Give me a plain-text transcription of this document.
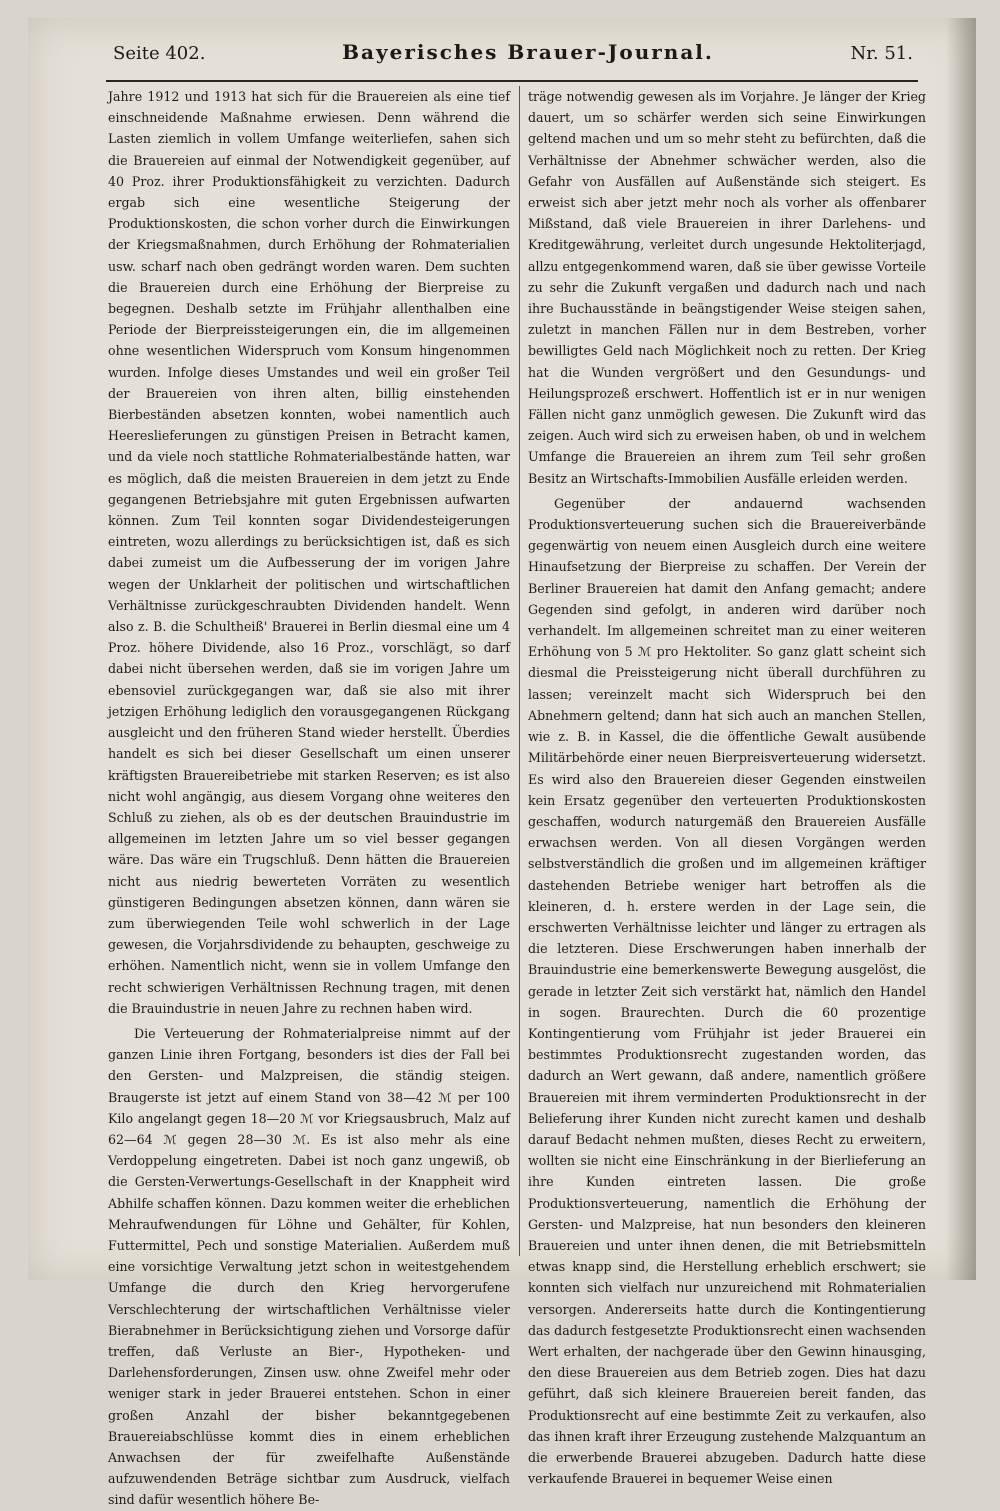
Seite 402.	Bayerisches Brauer-Journal.	Nr. 51.

Jahre 1912 und 1913 hat sich für die Brauereien als eine tief einschneidende Maßnahme erwiesen. Denn während die Lasten ziemlich in vollem Umfange weiterliefen, sahen sich die Brauereien auf einmal der Notwendigkeit gegenüber, auf 40 Proz. ihrer Produktionsfähigkeit zu verzichten. Dadurch ergab sich eine wesentliche Steigerung der Produktionskosten, die schon vorher durch die Einwirkungen der Kriegsmaßnahmen, durch Erhöhung der Rohmaterialien usw. scharf nach oben gedrängt worden waren. Dem suchten die Brauereien durch eine Erhöhung der Bierpreise zu begegnen. Deshalb setzte im Frühjahr allenthalben eine Periode der Bierpreissteigerungen ein, die im allgemeinen ohne wesentlichen Widerspruch vom Konsum hingenommen wurden. Infolge dieses Umstandes und weil ein großer Teil der Brauereien von ihren alten, billig einstehenden Bierbeständen absetzen konnten, wobei namentlich auch Heereslieferungen zu günstigen Preisen in Betracht kamen, und da viele noch stattliche Rohmaterialbestände hatten, war es möglich, daß die meisten Brauereien in dem jetzt zu Ende gegangenen Betriebsjahre mit guten Ergebnissen aufwarten können. Zum Teil konnten sogar Dividendesteigerungen eintreten, wozu allerdings zu berücksichtigen ist, daß es sich dabei zumeist um die Aufbesserung der im vorigen Jahre wegen der Unklarheit der politischen und wirtschaftlichen Verhältnisse zurückgeschraubten Dividenden handelt. Wenn also z. B. die Schultheiß' Brauerei in Berlin diesmal eine um 4 Proz. höhere Dividende, also 16 Proz., vorschlägt, so darf dabei nicht übersehen werden, daß sie im vorigen Jahre um ebensoviel zurückgegangen war, daß sie also mit ihrer jetzigen Erhöhung lediglich den vorausgegangenen Rückgang ausgleicht und den früheren Stand wieder herstellt. Überdies handelt es sich bei dieser Gesellschaft um einen unserer kräftigsten Brauereibetriebe mit starken Reserven; es ist also nicht wohl angängig, aus diesem Vorgang ohne weiteres den Schluß zu ziehen, als ob es der deutschen Brauindustrie im allgemeinen im letzten Jahre um so viel besser gegangen wäre. Das wäre ein Trugschluß. Denn hätten die Brauereien nicht aus niedrig bewerteten Vorräten zu wesentlich günstigeren Bedingungen absetzen können, dann wären sie zum überwiegenden Teile wohl schwerlich in der Lage gewesen, die Vorjahrsdividende zu behaupten, geschweige zu erhöhen. Namentlich nicht, wenn sie in vollem Umfange den recht schwierigen Verhältnissen Rechnung tragen, mit denen die Brauindustrie in neuen Jahre zu rechnen haben wird.

Die Verteuerung der Rohmaterialpreise nimmt auf der ganzen Linie ihren Fortgang, besonders ist dies der Fall bei den Gersten- und Malzpreisen, die ständig steigen. Braugerste ist jetzt auf einem Stand von 38—42 ℳ per 100 Kilo angelangt gegen 18—20 ℳ vor Kriegsausbruch, Malz auf 62—64 ℳ gegen 28—30 ℳ. Es ist also mehr als eine Verdoppelung eingetreten. Dabei ist noch ganz ungewiß, ob die Gersten-Verwertungs-Gesellschaft in der Knappheit wird Abhilfe schaffen können. Dazu kommen weiter die erheblichen Mehraufwendungen für Löhne und Gehälter, für Kohlen, Futtermittel, Pech und sonstige Materialien. Außerdem muß eine vorsichtige Verwaltung jetzt schon in weitestgehendem Umfange die durch den Krieg hervorgerufene Verschlechterung der wirtschaftlichen Verhältnisse vieler Bierabnehmer in Berücksichtigung ziehen und Vorsorge dafür treffen, daß Verluste an Bier-, Hypotheken- und Darlehensforderungen, Zinsen usw. ohne Zweifel mehr oder weniger stark in jeder Brauerei entstehen. Schon in einer großen Anzahl der bisher bekanntgegebenen Brauereiabschlüsse kommt dies in einem erheblichen Anwachsen der für zweifelhafte Außenstände aufzuwendenden Beträge sichtbar zum Ausdruck, vielfach sind dafür wesentlich höhere Be-

träge notwendig gewesen als im Vorjahre. Je länger der Krieg dauert, um so schärfer werden sich seine Einwirkungen geltend machen und um so mehr steht zu befürchten, daß die Verhältnisse der Abnehmer schwächer werden, also die Gefahr von Ausfällen auf Außenstände sich steigert. Es erweist sich aber jetzt mehr noch als vorher als offenbarer Mißstand, daß viele Brauereien in ihrer Darlehens- und Kreditgewährung, verleitet durch ungesunde Hektoliterjagd, allzu entgegenkommend waren, daß sie über gewisse Vorteile zu sehr die Zukunft vergaßen und dadurch nach und nach ihre Buchausstände in beängstigender Weise steigen sahen, zuletzt in manchen Fällen nur in dem Bestreben, vorher bewilligtes Geld nach Möglichkeit noch zu retten. Der Krieg hat die Wunden vergrößert und den Gesundungs- und Heilungsprozeß erschwert. Hoffentlich ist er in nur wenigen Fällen nicht ganz unmöglich gewesen. Die Zukunft wird das zeigen. Auch wird sich zu erweisen haben, ob und in welchem Umfange die Brauereien an ihrem zum Teil sehr großen Besitz an Wirtschafts-Immobilien Ausfälle erleiden werden.

Gegenüber der andauernd wachsenden Produktionsverteuerung suchen sich die Brauereiverbände gegenwärtig von neuem einen Ausgleich durch eine weitere Hinaufsetzung der Bierpreise zu schaffen. Der Verein der Berliner Brauereien hat damit den Anfang gemacht; andere Gegenden sind gefolgt, in anderen wird darüber noch verhandelt. Im allgemeinen schreitet man zu einer weiteren Erhöhung von 5 ℳ pro Hektoliter. So ganz glatt scheint sich diesmal die Preissteigerung nicht überall durchführen zu lassen; vereinzelt macht sich Widerspruch bei den Abnehmern geltend; dann hat sich auch an manchen Stellen, wie z. B. in Kassel, die die öffentliche Gewalt ausübende Militärbehörde einer neuen Bierpreisverteuerung widersetzt. Es wird also den Brauereien dieser Gegenden einstweilen kein Ersatz gegenüber den verteuerten Produktionskosten geschaffen, wodurch naturgemäß den Brauereien Ausfälle erwachsen werden. Von all diesen Vorgängen werden selbstverständlich die großen und im allgemeinen kräftiger dastehenden Betriebe weniger hart betroffen als die kleineren, d. h. erstere werden in der Lage sein, die erschwerten Verhältnisse leichter und länger zu ertragen als die letzteren. Diese Erschwerungen haben innerhalb der Brauindustrie eine bemerkenswerte Bewegung ausgelöst, die gerade in letzter Zeit sich verstärkt hat, nämlich den Handel in sogen. Braurechten. Durch die 60 prozentige Kontingentierung vom Frühjahr ist jeder Brauerei ein bestimmtes Produktionsrecht zugestanden worden, das dadurch an Wert gewann, daß andere, namentlich größere Brauereien mit ihrem verminderten Produktionsrecht in der Belieferung ihrer Kunden nicht zurecht kamen und deshalb darauf Bedacht nehmen mußten, dieses Recht zu erweitern, wollten sie nicht eine Einschränkung in der Bierlieferung an ihre Kunden eintreten lassen. Die große Produktionsverteuerung, namentlich die Erhöhung der Gersten- und Malzpreise, hat nun besonders den kleineren Brauereien und unter ihnen denen, die mit Betriebsmitteln etwas knapp sind, die Herstellung erheblich erschwert; sie konnten sich vielfach nur unzureichend mit Rohmaterialien versorgen. Andererseits hatte durch die Kontingentierung das dadurch festgesetzte Produktionsrecht einen wachsenden Wert erhalten, der nachgerade über den Gewinn hinausging, den diese Brauereien aus dem Betrieb zogen. Dies hat dazu geführt, daß sich kleinere Brauereien bereit fanden, das Produktionsrecht auf eine bestimmte Zeit zu verkaufen, also das ihnen kraft ihrer Erzeugung zustehende Malzquantum an die erwerbende Brauerei abzugeben. Dadurch hatte diese verkaufende Brauerei in bequemer Weise einen
